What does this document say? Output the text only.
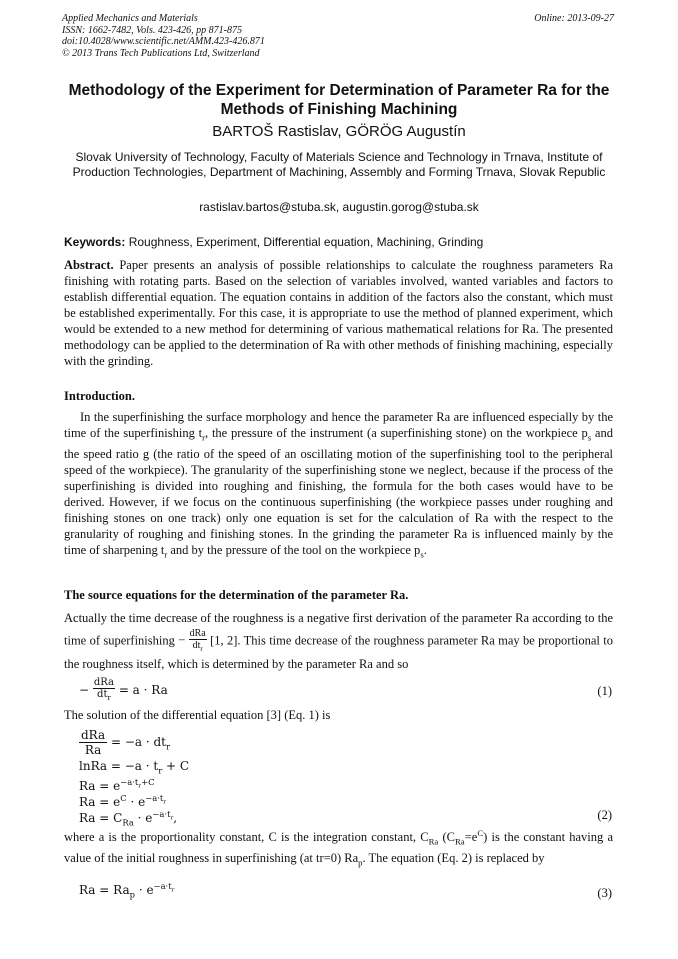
Applied Mechanics and Materials
ISSN: 1662-7482, Vols. 423-426, pp 871-875
doi:10.4028/www.scientific.net/AMM.423-426.871
© 2013 Trans Tech Publications Ltd, Switzerland
Online: 2013-09-27
Methodology of the Experiment for Determination of Parameter Ra for the Methods of Finishing Machining
BARTOŠ Rastislav, GÖRÖG Augustín
Slovak University of Technology, Faculty of Materials Science and Technology in Trnava, Institute of Production Technologies, Department of Machining, Assembly and Forming Trnava, Slovak Republic
rastislav.bartos@stuba.sk, augustin.gorog@stuba.sk
Keywords: Roughness, Experiment, Differential equation, Machining, Grinding
Abstract. Paper presents an analysis of possible relationships to calculate the roughness parameters Ra finishing with rotating parts. Based on the selection of variables involved, wanted variables and factors to establish differential equation. The equation contains in addition of the factors also the constant, which must be established experimentally. For this case, it is appropriate to use the method of planned experiment, which would be extended to a new method for determining of various mathematical relations for Ra. The presented methodology can be applied to the determination of Ra with other methods of finishing machining, especially with the grinding.
Introduction.
In the superfinishing the surface morphology and hence the parameter Ra are influenced especially by the time of the superfinishing $t_r$, the pressure of the instrument (a superfinishing stone) on the workpiece $p_s$ and the speed ratio g (the ratio of the speed of an oscillating motion of the superfinishing tool to the peripheral speed of the workpiece). The granularity of the superfinishing stone we neglect, because if the process of the superfinishing is divided into roughing and finishing, the formula for the both cases would have to be derived. However, if we focus on the continuous superfinishing (the workpiece passes under roughing and finishing stones on one track) only one equation is set for the calculation of Ra with the respect to the granularity of roughing and finishing stones. In the grinding the parameter Ra is influenced mainly by the time of sharpening $t_r$ and by the pressure of the tool on the workpiece $p_s$.
The source equations for the determination of the parameter Ra.
Actually the time decrease of the roughness is a negative first derivation of the parameter Ra according to the time of superfinishing − $\frac{\text{dRa}}{dt_r} [1$, 2]. This time decrease of the roughness parameter Ra may be proportional to the roughness itself, which is determined by the parameter Ra and so
− $\frac{\text{dRa}}{dt_r} = a \cdot Ra$	(1)
The solution of the differential equation [3] (Eq. 1) is
$\frac{\text{dRa}}{Ra} = -a \cdot dt_r$
lnRa = $-a \cdot t_r + C$
$Ra = e^{-a\cdot t_r+C}$
$Ra = e^C \cdot e^{-a\cdot t_r}$
$Ra = C_{Ra} \cdot e^{-a\cdot t_r}$,	(2)
where a is the proportionality constant, C is the integration constant, $C_{Ra}$ $(C_{Ra}=e^C)$ is the constant having a value of the initial roughness in superfinishing (at tr=0) $Ra_p$. The equation (Eq. 2) is replaced by
$Ra = Ra_p \cdot e^{-a\cdot t_r}$	(3)
